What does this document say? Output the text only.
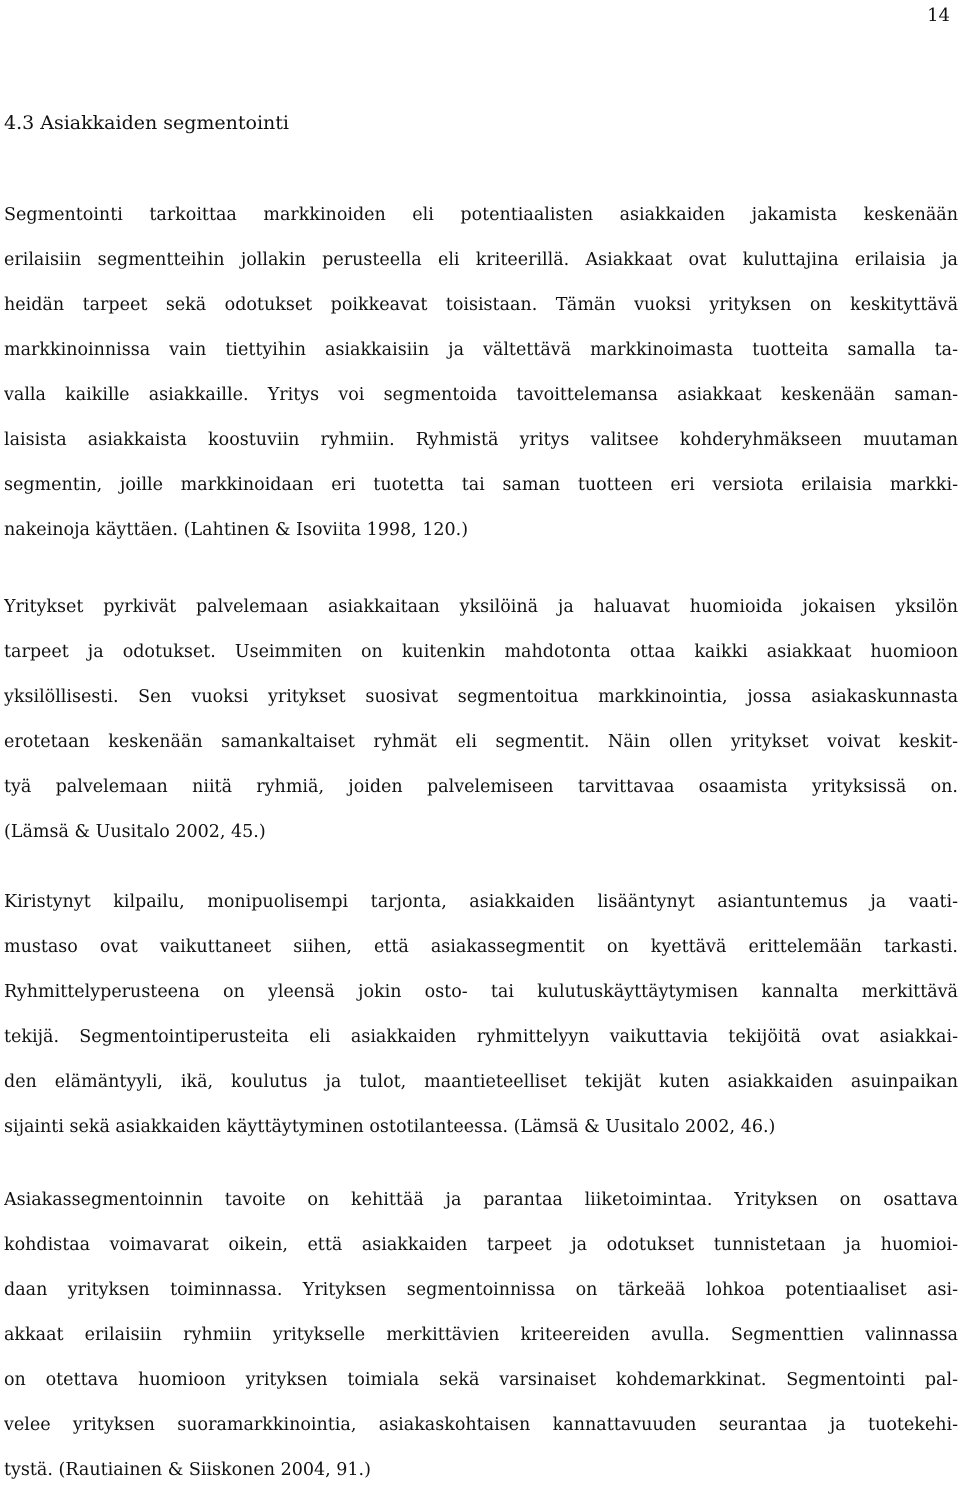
14
4.3 Asiakkaiden segmentointi
Segmentointi tarkoittaa markkinoiden eli potentiaalisten asiakkaiden jakamista keskenään
erilaisiin segmentteihin jollakin perusteella eli kriteerillä. Asiakkaat ovat kuluttajina erilaisia ja
heidän tarpeet sekä odotukset poikkeavat toisistaan. Tämän vuoksi yrityksen on keskityttävä
markkinoinnissa vain tiettyihin asiakkaisiin ja vältettävä markkinoimasta tuotteita samalla ta-
valla kaikille asiakkaille. Yritys voi segmentoida tavoittelemansa asiakkaat keskenään saman-
laisista asiakkaista koostuviin ryhmiin. Ryhmistä yritys valitsee kohderyhmäkseen muutaman
segmentin, joille markkinoidaan eri tuotetta tai saman tuotteen eri versiota erilaisia markki-
nakeinoja käyttäen. (Lahtinen & Isoviita 1998, 120.)
Yritykset pyrkivät palvelemaan asiakkaitaan yksilöinä ja haluavat huomioida jokaisen yksilön
tarpeet ja odotukset. Useimmiten on kuitenkin mahdotonta ottaa kaikki asiakkaat huomioon
yksilöllisesti. Sen vuoksi yritykset suosivat segmentoitua markkinointia, jossa asiakaskunnasta
erotetaan keskenään samankaltaiset ryhmät eli segmentit. Näin ollen yritykset voivat keskit-
tyä palvelemaan niitä ryhmiä, joiden palvelemiseen tarvittavaa osaamista yrityksissä on.
(Lämsä & Uusitalo 2002, 45.)
Kiristynyt kilpailu, monipuolisempi tarjonta, asiakkaiden lisääntynyt asiantuntemus ja vaati-
mustaso ovat vaikuttaneet siihen, että asiakassegmentit on kyettävä erittelemään tarkasti.
Ryhmittelyperusteena on yleensä jokin osto- tai kulutuskäyttäytymisen kannalta merkittävä
tekijä. Segmentointiperusteita eli asiakkaiden ryhmittelyyn vaikuttavia tekijöitä ovat asiakkai-
den elämäntyyli, ikä, koulutus ja tulot, maantieteelliset tekijät kuten asiakkaiden asuinpaikan
sijainti sekä asiakkaiden käyttäytyminen ostotilanteessa. (Lämsä & Uusitalo 2002, 46.)
Asiakassegmentoinnin tavoite on kehittää ja parantaa liiketoimintaa. Yrityksen on osattava
kohdistaa voimavarat oikein, että asiakkaiden tarpeet ja odotukset tunnistetaan ja huomioi-
daan yrityksen toiminnassa. Yrityksen segmentoinnissa on tärkeää lohkoa potentiaaliset asi-
akkaat erilaisiin ryhmiin yritykselle merkittävien kriteereiden avulla. Segmenttien valinnassa
on otettava huomioon yrityksen toimiala sekä varsinaiset kohdemarkkinat. Segmentointi pal-
velee yrityksen suoramarkkinointia, asiakaskohtaisen kannattavuuden seurantaa ja tuotekehi-
tystä. (Rautiainen & Siiskonen 2004, 91.)
